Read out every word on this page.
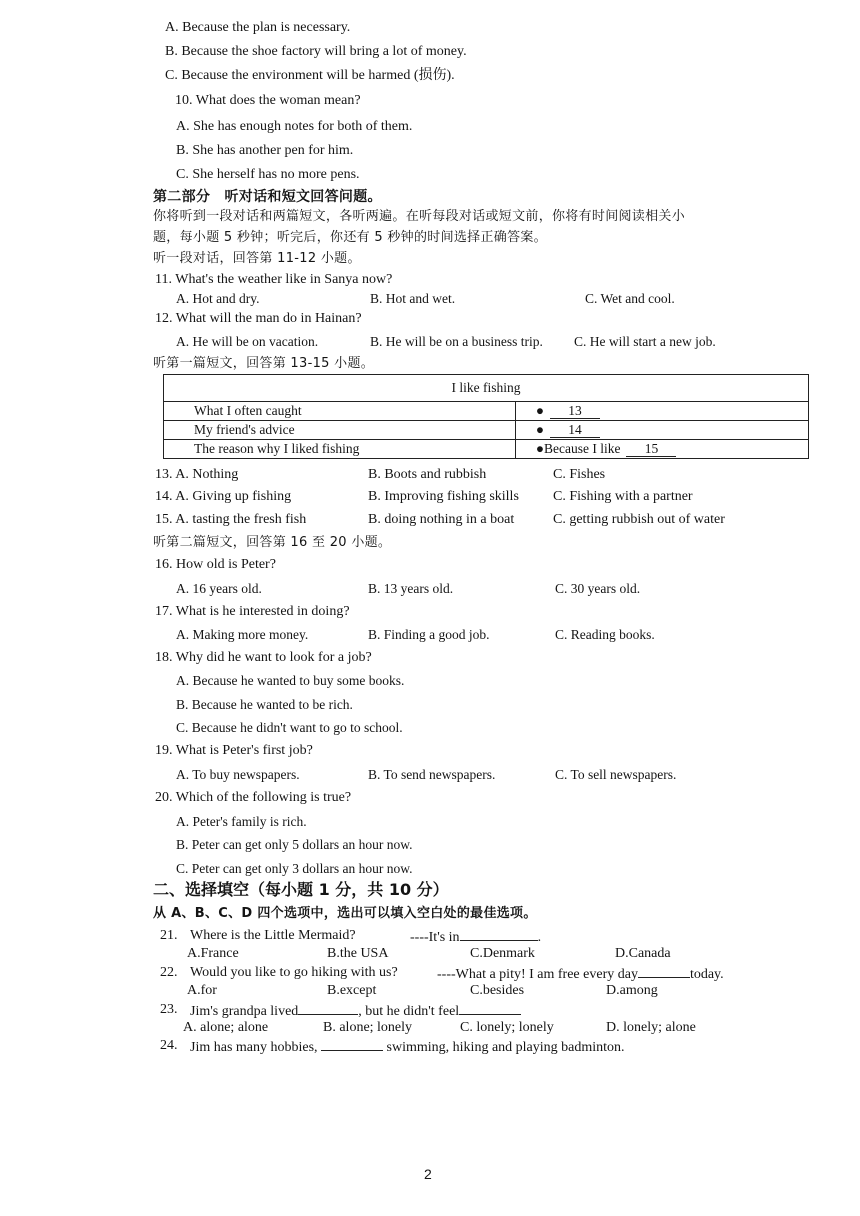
A. Because the plan is necessary.
B. Because the shoe factory will bring a lot of money.
C. Because the environment will be harmed (损伤).
10. What does the woman mean?
A. She has enough notes for both of them.
B. She has another pen for him.
C. She herself has no more pens.
第二部分　听对话和短文回答问题。
你将听到一段对话和两篇短文，各听两遍。在听每段对话或短文前，你将有时间阅读相关小
题，每小题 5 秒钟；听完后，你还有 5 秒钟的时间选择正确答案。
听一段对话，回答第 11-12 小题。
11. What's the weather like in Sanya now?
A. Hot and dry.	B. Hot and wet.	C. Wet and cool.
12. What will the man do in Hainan?
A. He will be on vacation.	B. He will be on a business trip. C. He will start a new job.
听第一篇短文，回答第 13-15 小题。
I like fishing	
What I often caught	● 13
My friend's advice	● 14
The reason why I liked fishing	●Because I like 15
13. A. Nothing	B. Boots and rubbish	C. Fishes
14. A. Giving up fishing	B. Improving fishing skills C. Fishing with a partner
15. A. tasting the fresh fish	B. doing nothing in a boat	C. getting rubbish out of water
听第二篇短文，回答第 16 至 20 小题。
16. How old is Peter?
A. 16 years old.	B. 13 years old.	C. 30 years old.
17. What is he interested in doing?
A. Making more money.	B. Finding a good job.	C. Reading books.
18. Why did he want to look for a job?
A. Because he wanted to buy some books.
B. Because he wanted to be rich.
C. Because he didn't want to go to school.
19. What is Peter's first job?
A. To buy newspapers.	B. To send newspapers.	C. To sell newspapers.
20. Which of the following is true?
A. Peter's family is rich.
B. Peter can get only 5 dollars an hour now.
C. Peter can get only 3 dollars an hour now.
二、选择填空（每小题 1 分，共 10 分）
从 A、B、C、D 四个选项中，选出可以填入空白处的最佳选项。
21. Where is the Little Mermaid?	----It's in	.
A.France	B.the USA	C.Denmark	D.Canada
22. Would you like to go hiking with us?	----What a pity! I am free every day	today.
A.for	B.except	C.besides	D.among
23. Jim's grandpa lived	, but he didn't feel
A. alone; alone	B. alone; lonely	C. lonely; lonely	D. lonely; alone
24. Jim has many hobbies,	swimming, hiking and playing badminton.
2
